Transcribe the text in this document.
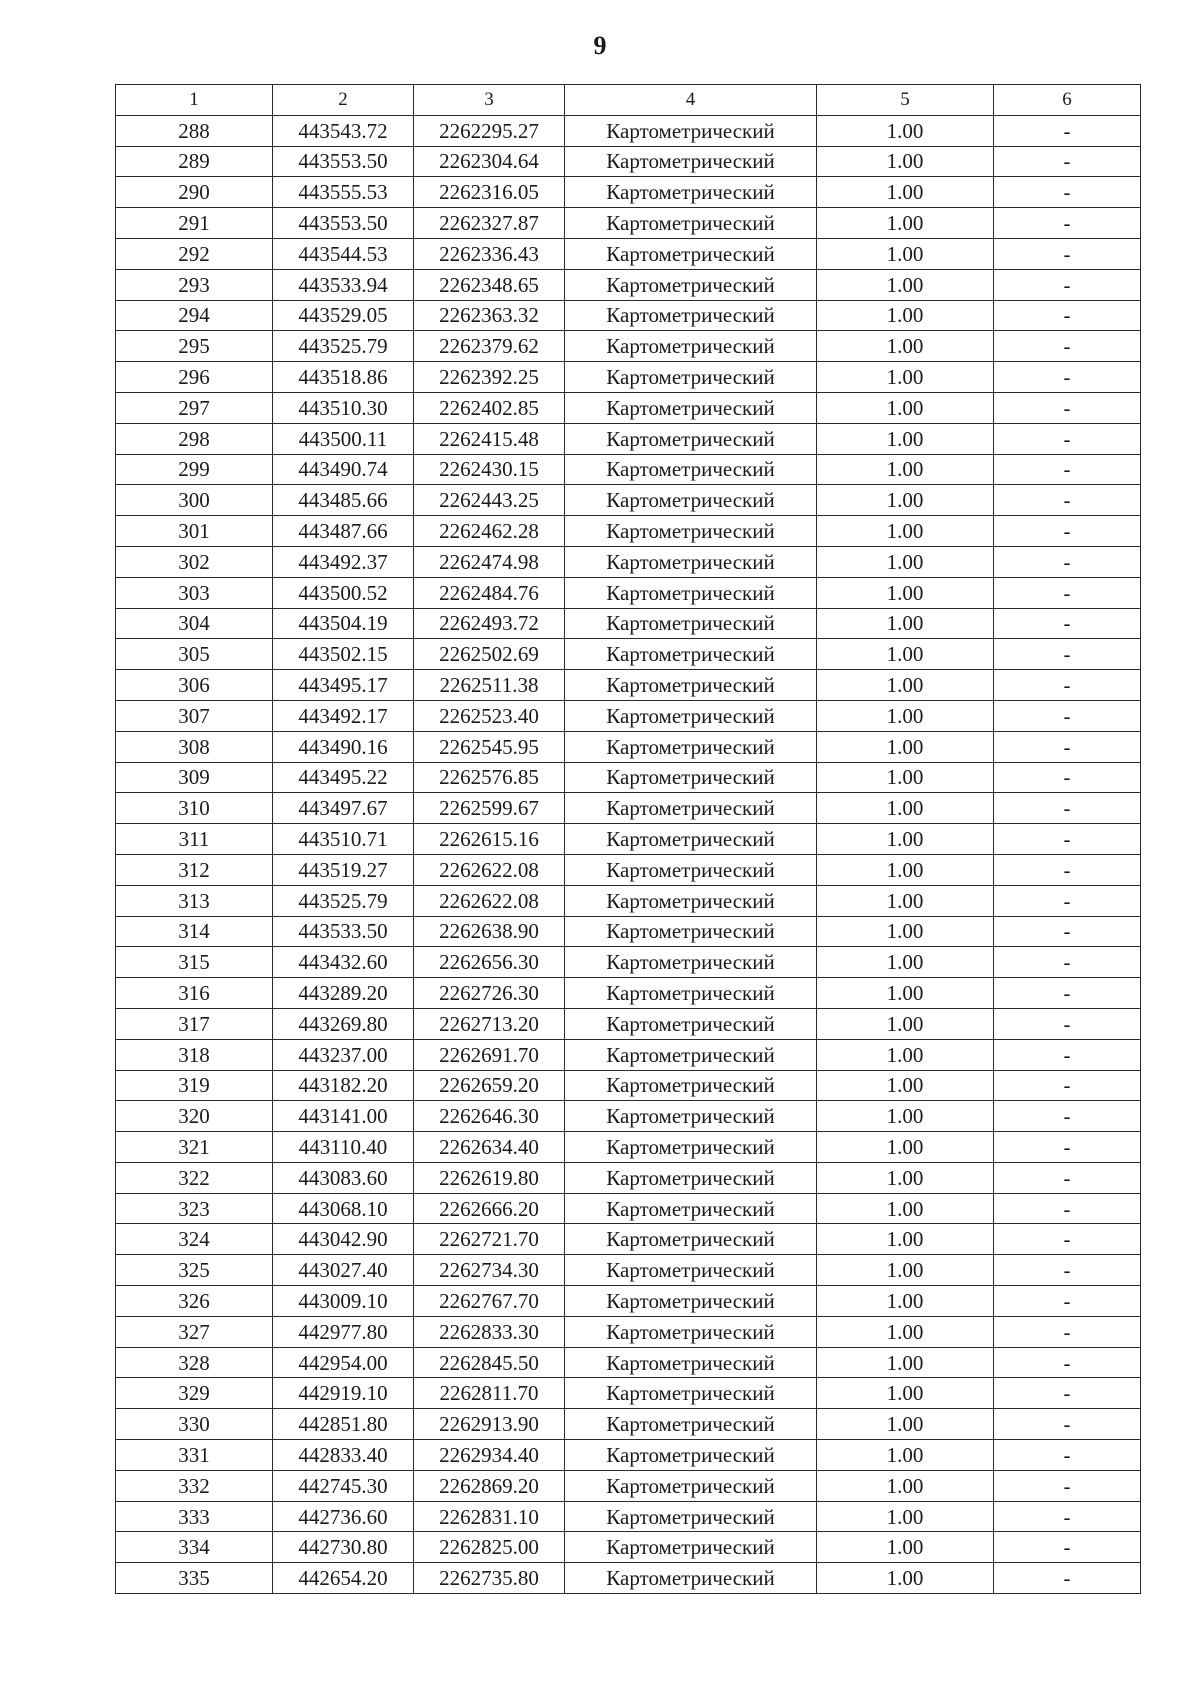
9
1	2	3	4	5	6
288	443543.72	2262295.27	Картометрический	1.00	-
289	443553.50	2262304.64	Картометрический	1.00	-
290	443555.53	2262316.05	Картометрический	1.00	-
291	443553.50	2262327.87	Картометрический	1.00	-
292	443544.53	2262336.43	Картометрический	1.00	-
293	443533.94	2262348.65	Картометрический	1.00	-
294	443529.05	2262363.32	Картометрический	1.00	-
295	443525.79	2262379.62	Картометрический	1.00	-
296	443518.86	2262392.25	Картометрический	1.00	-
297	443510.30	2262402.85	Картометрический	1.00	-
298	443500.11	2262415.48	Картометрический	1.00	-
299	443490.74	2262430.15	Картометрический	1.00	-
300	443485.66	2262443.25	Картометрический	1.00	-
301	443487.66	2262462.28	Картометрический	1.00	-
302	443492.37	2262474.98	Картометрический	1.00	-
303	443500.52	2262484.76	Картометрический	1.00	-
304	443504.19	2262493.72	Картометрический	1.00	-
305	443502.15	2262502.69	Картометрический	1.00	-
306	443495.17	2262511.38	Картометрический	1.00	-
307	443492.17	2262523.40	Картометрический	1.00	-
308	443490.16	2262545.95	Картометрический	1.00	-
309	443495.22	2262576.85	Картометрический	1.00	-
310	443497.67	2262599.67	Картометрический	1.00	-
311	443510.71	2262615.16	Картометрический	1.00	-
312	443519.27	2262622.08	Картометрический	1.00	-
313	443525.79	2262622.08	Картометрический	1.00	-
314	443533.50	2262638.90	Картометрический	1.00	-
315	443432.60	2262656.30	Картометрический	1.00	-
316	443289.20	2262726.30	Картометрический	1.00	-
317	443269.80	2262713.20	Картометрический	1.00	-
318	443237.00	2262691.70	Картометрический	1.00	-
319	443182.20	2262659.20	Картометрический	1.00	-
320	443141.00	2262646.30	Картометрический	1.00	-
321	443110.40	2262634.40	Картометрический	1.00	-
322	443083.60	2262619.80	Картометрический	1.00	-
323	443068.10	2262666.20	Картометрический	1.00	-
324	443042.90	2262721.70	Картометрический	1.00	-
325	443027.40	2262734.30	Картометрический	1.00	-
326	443009.10	2262767.70	Картометрический	1.00	-
327	442977.80	2262833.30	Картометрический	1.00	-
328	442954.00	2262845.50	Картометрический	1.00	-
329	442919.10	2262811.70	Картометрический	1.00	-
330	442851.80	2262913.90	Картометрический	1.00	-
331	442833.40	2262934.40	Картометрический	1.00	-
332	442745.30	2262869.20	Картометрический	1.00	-
333	442736.60	2262831.10	Картометрический	1.00	-
334	442730.80	2262825.00	Картометрический	1.00	-
335	442654.20	2262735.80	Картометрический	1.00	-
